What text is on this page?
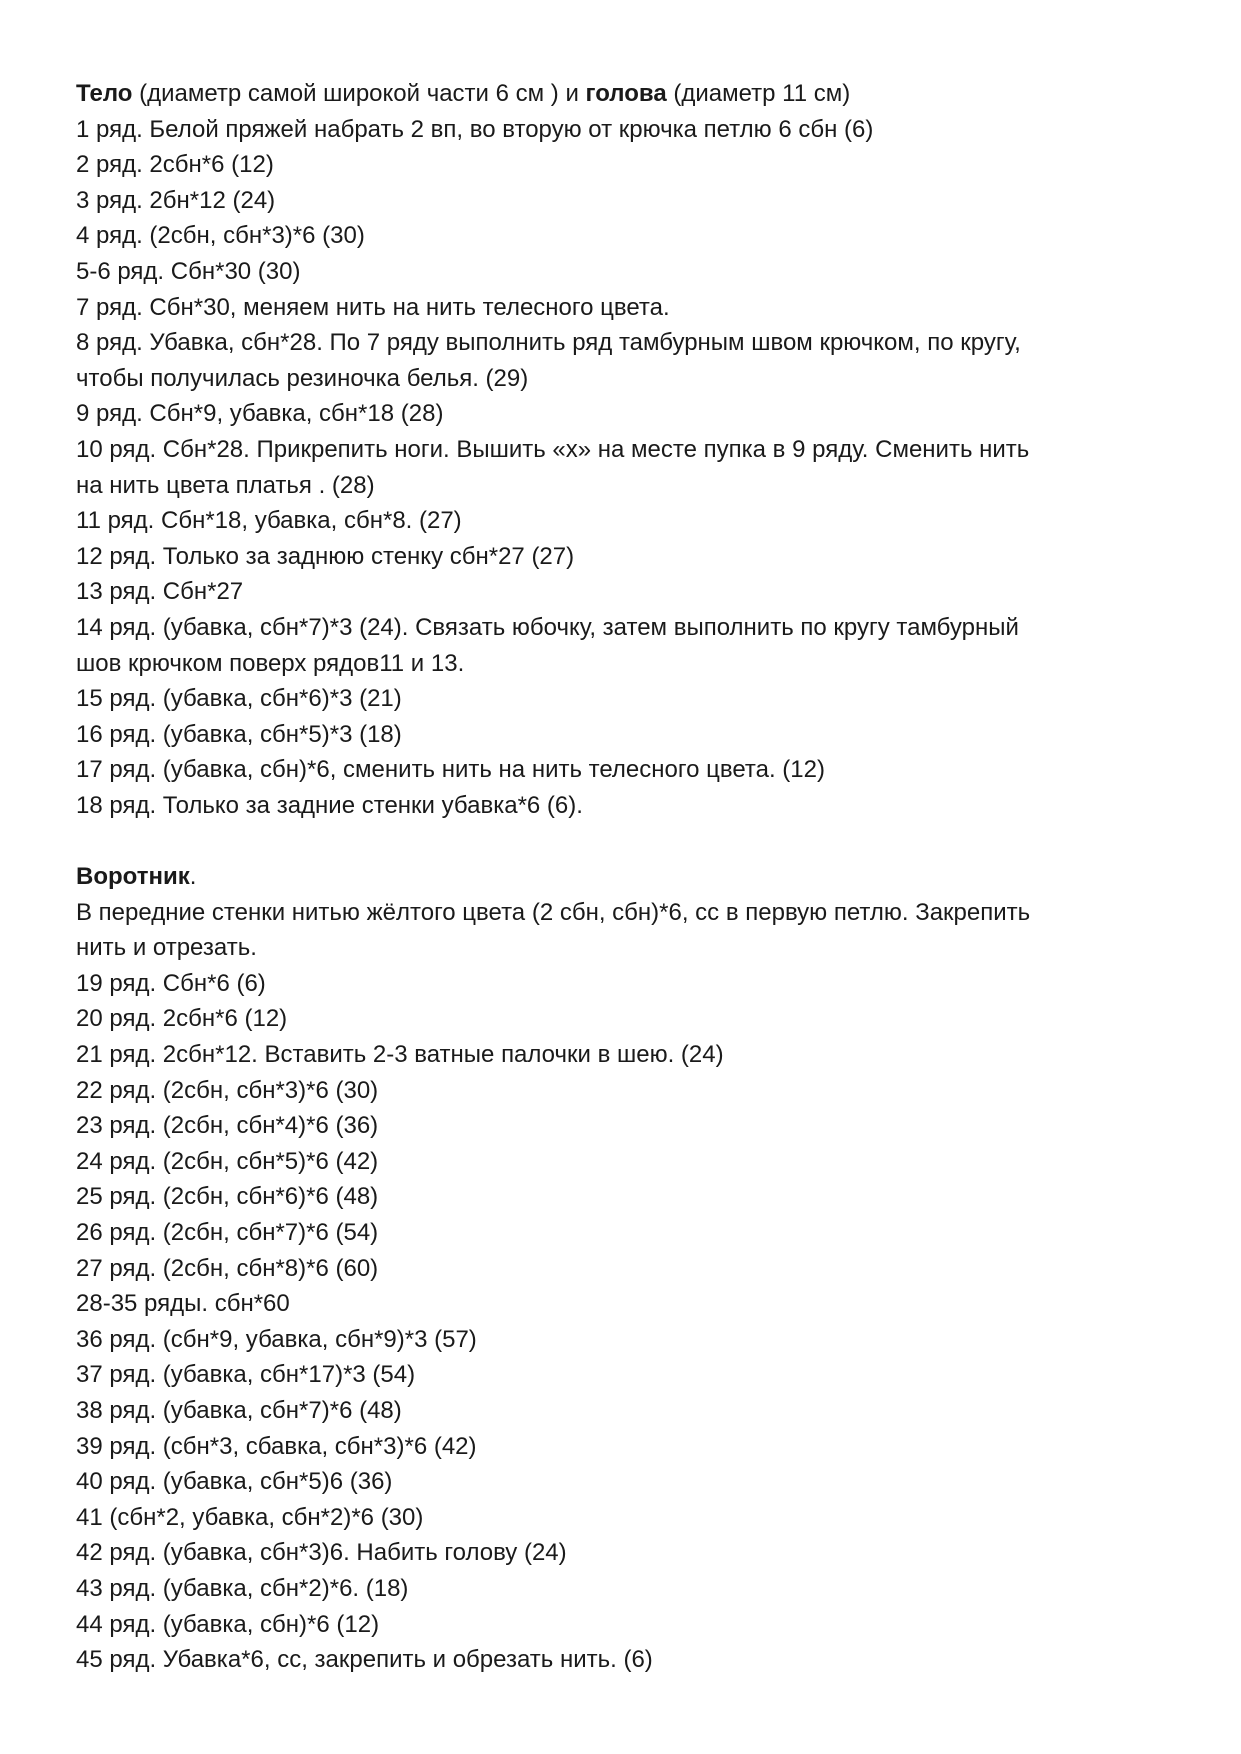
Тело (диаметр самой широкой части 6 см ) и голова (диаметр 11 см)
1 ряд. Белой пряжей набрать 2 вп, во вторую от крючка петлю 6 сбн (6)
2 ряд. 2сбн*6 (12)
3 ряд. 2бн*12 (24)
4 ряд. (2сбн, сбн*3)*6 (30)
5-6 ряд. Сбн*30 (30)
7 ряд. Сбн*30, меняем нить на нить телесного цвета.
8 ряд. Убавка, сбн*28. По 7 ряду выполнить ряд тамбурным швом крючком, по кругу,
чтобы получилась резиночка белья. (29)
9 ряд. Сбн*9, убавка, сбн*18 (28)
10 ряд. Сбн*28. Прикрепить ноги. Вышить «х» на месте пупка в 9 ряду. Сменить нить
на нить цвета платья . (28)
11 ряд. Сбн*18, убавка, сбн*8. (27)
12 ряд. Только за заднюю стенку сбн*27 (27)
13 ряд. Сбн*27
14 ряд. (убавка, сбн*7)*3 (24). Связать юбочку, затем выполнить по кругу тамбурный
шов крючком поверх рядов11 и 13.
15 ряд. (убавка, сбн*6)*3 (21)
16 ряд. (убавка, сбн*5)*3 (18)
17 ряд. (убавка, сбн)*6, сменить нить на нить телесного цвета. (12)
18 ряд. Только за задние стенки убавка*6 (6).
Воротник.
В передние стенки нитью жёлтого цвета (2 сбн, сбн)*6, сс в первую петлю. Закрепить
нить и отрезать.
19 ряд. Сбн*6 (6)
20 ряд. 2сбн*6 (12)
21 ряд. 2сбн*12. Вставить 2-3 ватные палочки в шею. (24)
22 ряд. (2сбн, сбн*3)*6 (30)
23 ряд. (2сбн, сбн*4)*6 (36)
24 ряд. (2сбн, сбн*5)*6 (42)
25 ряд. (2сбн, сбн*6)*6 (48)
26 ряд. (2сбн, сбн*7)*6 (54)
27 ряд. (2сбн, сбн*8)*6 (60)
28-35 ряды. сбн*60
36 ряд. (сбн*9, убавка, сбн*9)*3 (57)
37 ряд. (убавка, сбн*17)*3 (54)
38 ряд. (убавка, сбн*7)*6 (48)
39 ряд. (сбн*3, сбавка, сбн*3)*6 (42)
40 ряд. (убавка, сбн*5)6 (36)
41 (сбн*2, убавка, сбн*2)*6 (30)
42 ряд. (убавка, сбн*3)6. Набить голову (24)
43 ряд. (убавка, сбн*2)*6. (18)
44 ряд. (убавка, сбн)*6 (12)
45 ряд. Убавка*6, сс, закрепить и обрезать нить. (6)
